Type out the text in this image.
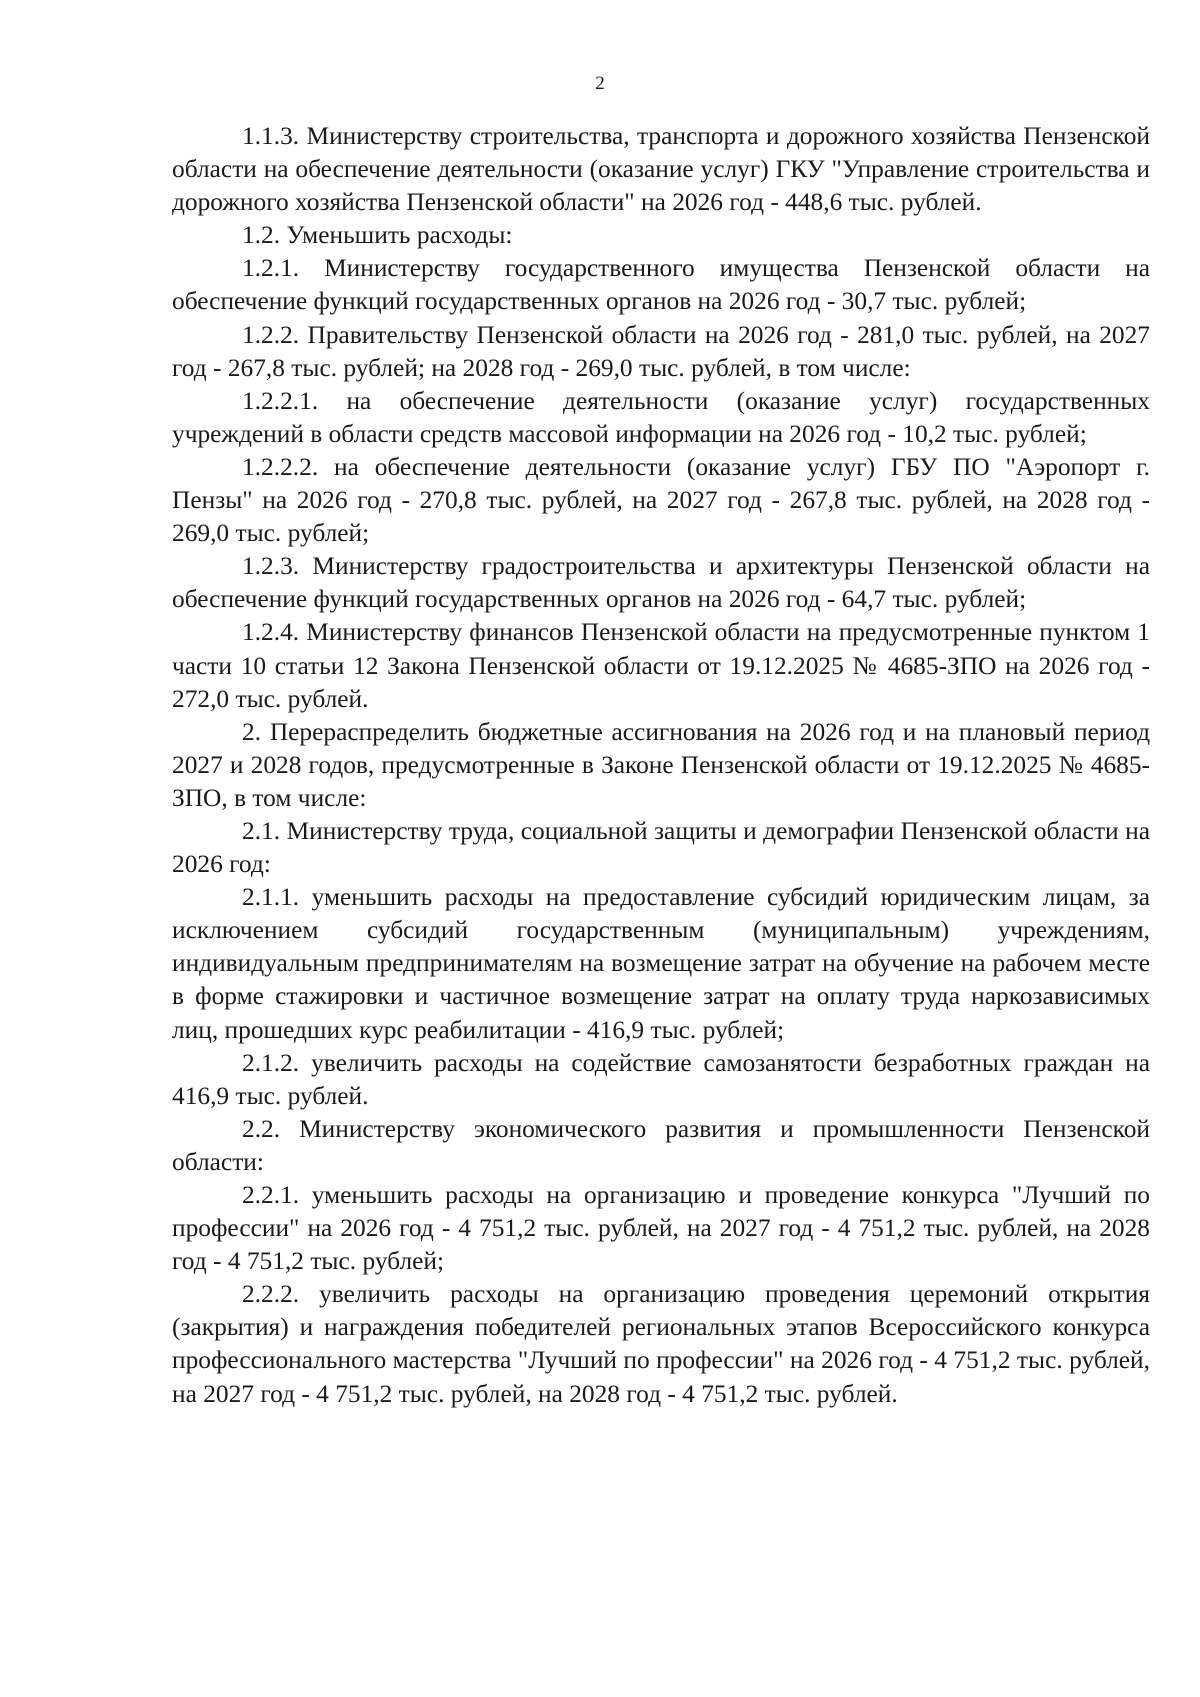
2

1.1.3. Министерству строительства, транспорта и дорожного хозяйства Пензенской области на обеспечение деятельности (оказание услуг) ГКУ "Управление строительства и дорожного хозяйства Пензенской области" на 2026 год - 448,6 тыс. рублей.

1.2. Уменьшить расходы:

1.2.1. Министерству государственного имущества Пензенской области на обеспечение функций государственных органов на 2026 год - 30,7 тыс. рублей;

1.2.2. Правительству Пензенской области на 2026 год - 281,0 тыс. рублей, на 2027 год - 267,8 тыс. рублей; на 2028 год - 269,0 тыс. рублей, в том числе:

1.2.2.1. на обеспечение деятельности (оказание услуг) государственных учреждений в области средств массовой информации на 2026 год - 10,2 тыс. рублей;

1.2.2.2. на обеспечение деятельности (оказание услуг) ГБУ ПО "Аэропорт г. Пензы" на 2026 год - 270,8 тыс. рублей, на 2027 год - 267,8 тыс. рублей, на 2028 год - 269,0 тыс. рублей;

1.2.3. Министерству градостроительства и архитектуры Пензенской области на обеспечение функций государственных органов на 2026 год - 64,7 тыс. рублей;

1.2.4. Министерству финансов Пензенской области на предусмотренные пунктом 1 части 10 статьи 12 Закона Пензенской области от 19.12.2025 № 4685-ЗПО на 2026 год - 272,0 тыс. рублей.

2. Перераспределить бюджетные ассигнования на 2026 год и на плановый период 2027 и 2028 годов, предусмотренные в Законе Пензенской области от 19.12.2025 № 4685-ЗПО, в том числе:

2.1. Министерству труда, социальной защиты и демографии Пензенской области на 2026 год:

2.1.1. уменьшить расходы на предоставление субсидий юридическим лицам, за исключением субсидий государственным (муниципальным) учреждениям, индивидуальным предпринимателям на возмещение затрат на обучение на рабочем месте в форме стажировки и частичное возмещение затрат на оплату труда наркозависимых лиц, прошедших курс реабилитации - 416,9 тыс. рублей;

2.1.2. увеличить расходы на содействие самозанятости безработных граждан на 416,9 тыс. рублей.

2.2. Министерству экономического развития и промышленности Пензенской области:

2.2.1. уменьшить расходы на организацию и проведение конкурса "Лучший по профессии" на 2026 год - 4 751,2 тыс. рублей, на 2027 год - 4 751,2 тыс. рублей, на 2028 год - 4 751,2 тыс. рублей;

2.2.2. увеличить расходы на организацию проведения церемоний открытия (закрытия) и награждения победителей региональных этапов Всероссийского конкурса профессионального мастерства "Лучший по профессии" на 2026 год - 4 751,2 тыс. рублей, на 2027 год - 4 751,2 тыс. рублей, на 2028 год - 4 751,2 тыс. рублей.
